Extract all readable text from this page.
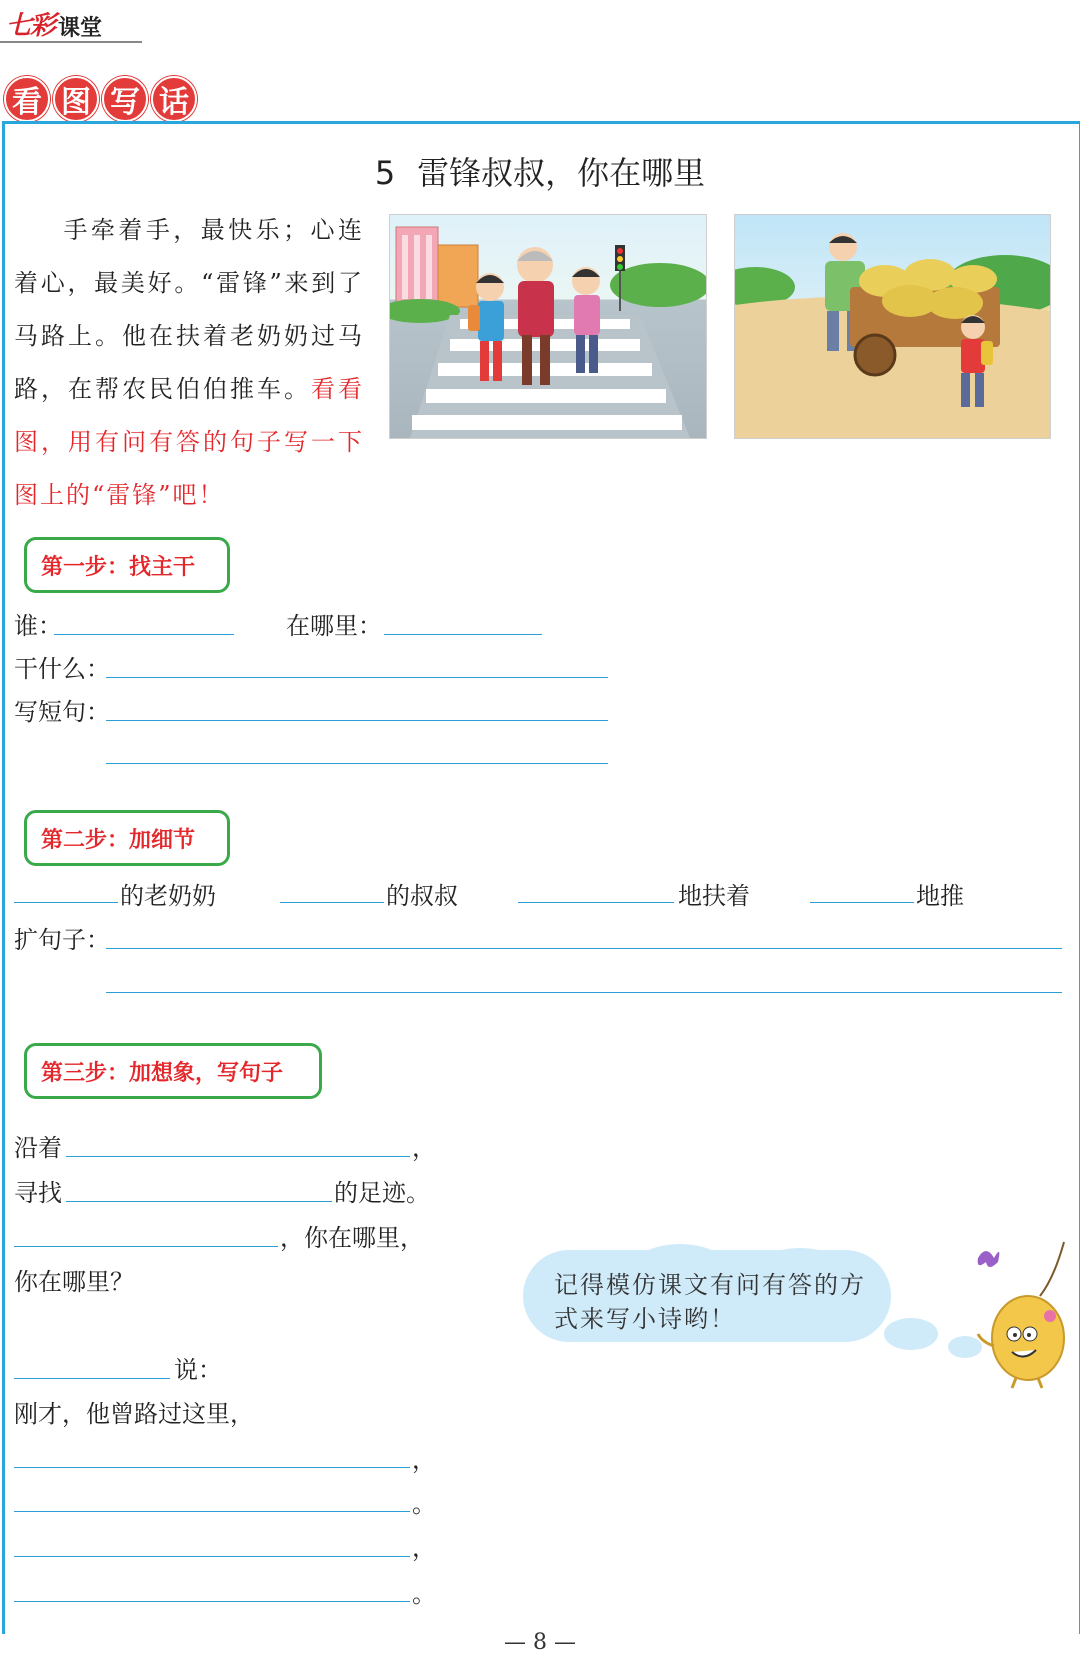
七彩 课堂
看 图 写 话
5 雷锋叔叔，你在哪里
手牵着手，最快乐；心连着心，最美好。“雷锋”来到了马路上。他在扶着老奶奶过马路，在帮农民伯伯推车。看看图，用有问有答的句子写一下图上的“雷锋”吧！
第一步：找主干
谁：	在哪里：
干什么：
写短句：
第二步：加细节
的老奶奶	的叔叔	地扶着	地推
扩句子：
第三步：加想象，写句子
沿着	，
寻找	的足迹。
，你在哪里，
你在哪里？
说：
刚才，他曾路过这里，
，
。
，
。
记得模仿课文有问有答的方式来写小诗哟！
— 8 —
